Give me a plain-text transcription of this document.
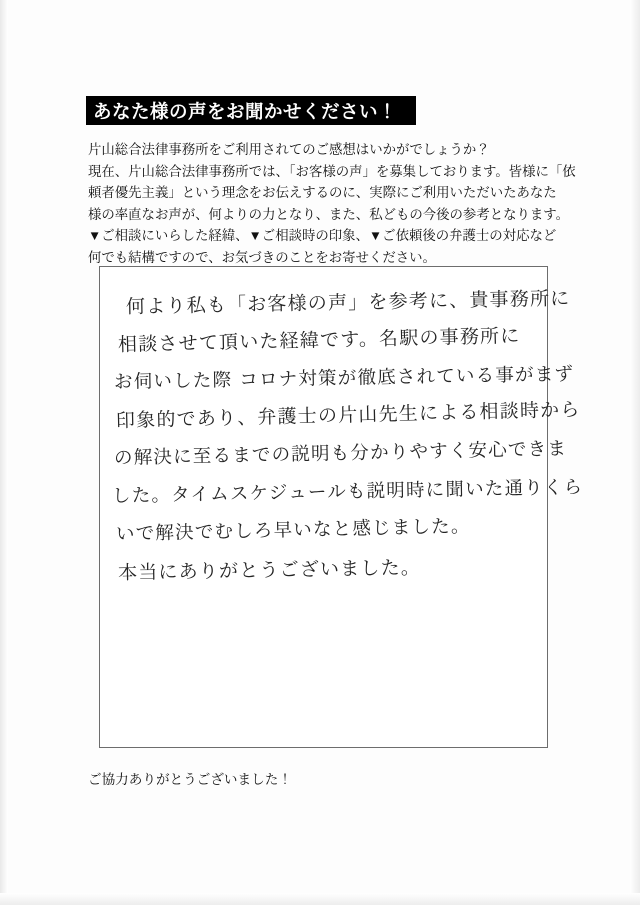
あなた様の声をお聞かせください！

片山総合法律事務所をご利用されてのご感想はいかがでしょうか？

現在、片山総合法律事務所では、「お客様の声」を募集しております。皆様に「依

頼者優先主義」という理念をお伝えするのに、実際にご利用いただいたあなた

様の率直なお声が、何よりの力となり、また、私どもの今後の参考となります。

▼ご相談にいらした経緯、▼ご相談時の印象、▼ご依頼後の弁護士の対応など

何でも結構ですので、お気づきのことをお寄せください。

何より私も「お客様の声」を参考に、貴事務所に
相談させて頂いた経緯です。名駅の事務所に
お伺いした際 コロナ対策が徹底されている事がまず
印象的であり、弁護士の片山先生による相談時から
の解決に至るまでの説明も分かりやすく安心できま
した。タイムスケジュールも説明時に聞いた通りくら
いで解決でむしろ早いなと感じました。
本当にありがとうございました。
ご協力ありがとうございました！
